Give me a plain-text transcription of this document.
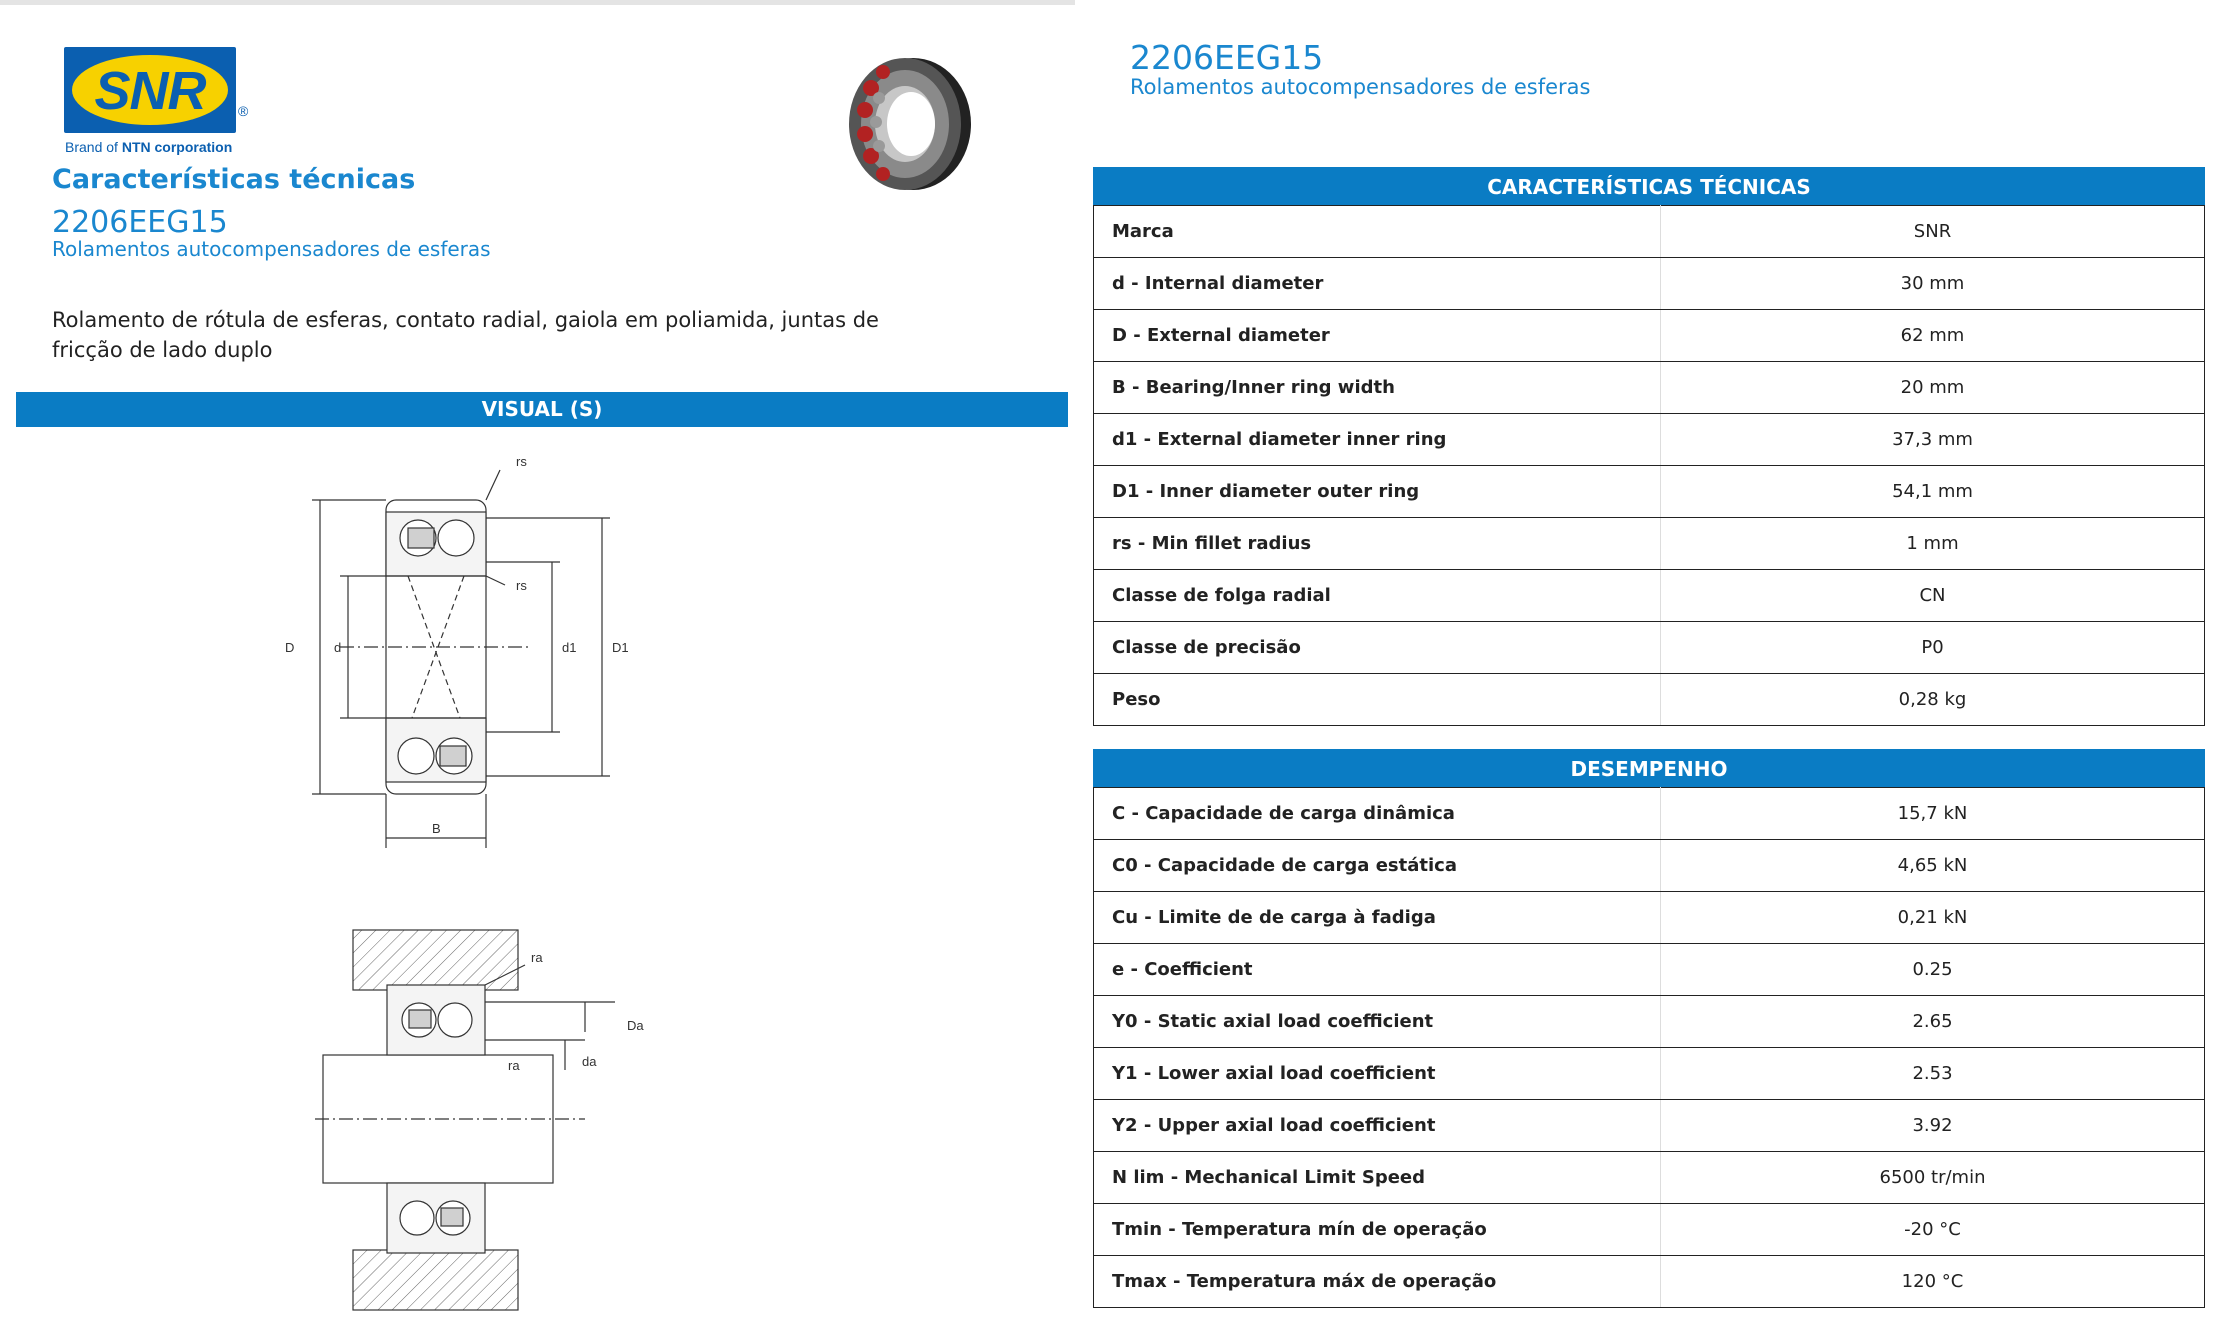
SNR	®
Brand of NTN corporation
Características técnicas
2206EEG15
Rolamentos autocompensadores de esferas
Rolamento de rótula de esferas, contato radial, gaiola em poliamida, juntas de fricção de lado duplo
VISUAL (S)
D	d	d1	D1
B
rs
rs
ra
Da
da
ra
2206EEG15
Rolamentos autocompensadores de esferas
CARACTERÍSTICAS TÉCNICAS
Marca	SNR
d - Internal diameter	30 mm
D - External diameter	62 mm
B - Bearing/Inner ring width	20 mm
d1 - External diameter inner ring	37,3 mm
D1 - Inner diameter outer ring	54,1 mm
rs - Min fillet radius	1 mm
Classe de folga radial	CN
Classe de precisão	P0
Peso	0,28 kg
DESEMPENHO
C - Capacidade de carga dinâmica	15,7 kN
C0 - Capacidade de carga estática	4,65 kN
Cu - Limite de de carga à fadiga	0,21 kN
e - Coefficient	0.25
Y0 - Static axial load coefficient	2.65
Y1 - Lower axial load coefficient	2.53
Y2 - Upper axial load coefficient	3.92
N lim - Mechanical Limit Speed	6500 tr/min
Tmin - Temperatura mín de operação	-20 °C
Tmax - Temperatura máx de operação	120 °C
